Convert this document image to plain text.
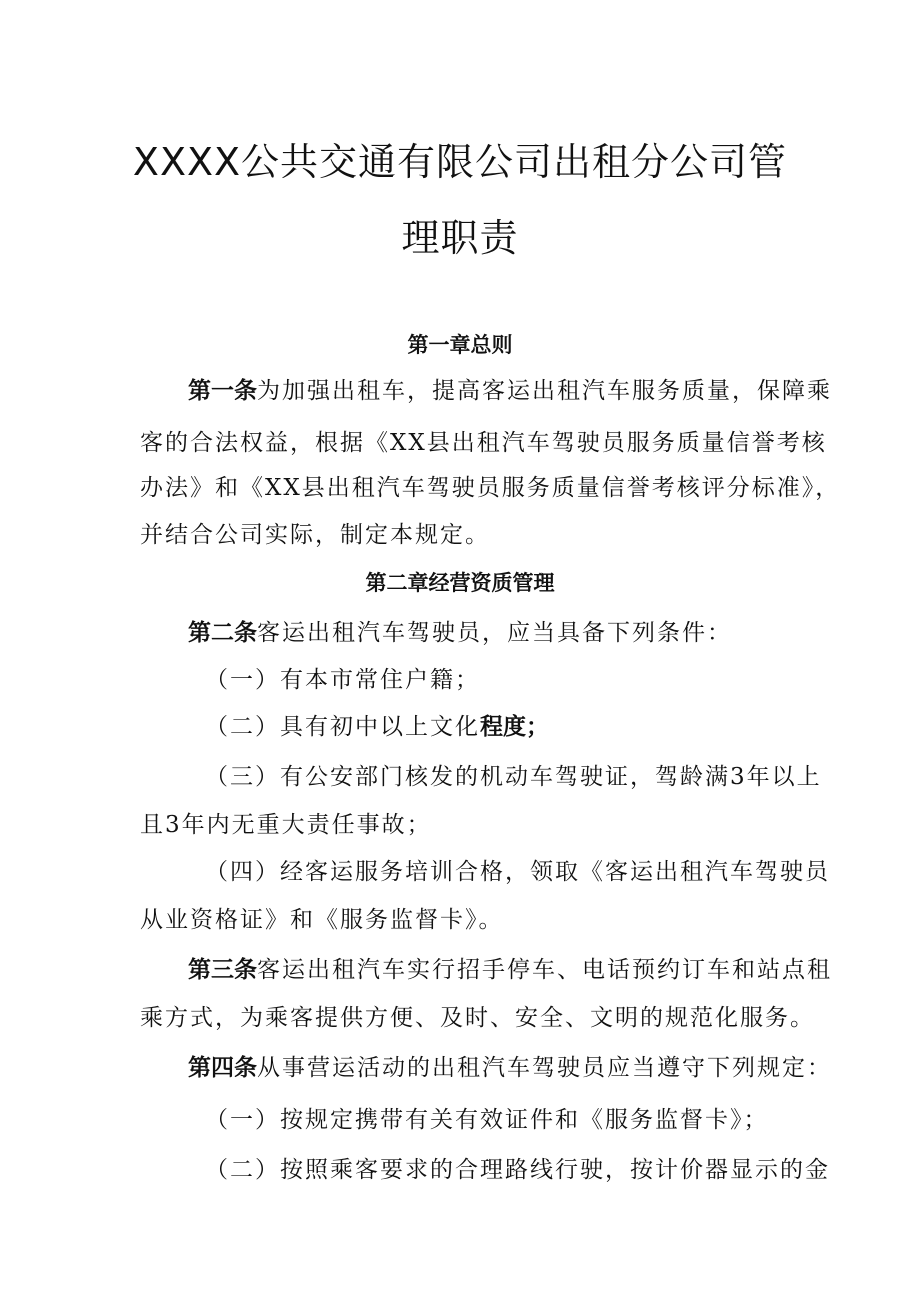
XXXX公共交通有限公司出租分公司管
理职责
第一章总则
第一条为加强出租车，提高客运出租汽车服务质量，保障乘
客的合法权益，根据《XX县出租汽车驾驶员服务质量信誉考核
办法》和《XX县出租汽车驾驶员服务质量信誉考核评分标准》，
并结合公司实际，制定本规定。
第二章经营资质管理
第二条客运出租汽车驾驶员，应当具备下列条件：
（一）有本市常住户籍；
（二）具有初中以上文化程度；
（三）有公安部门核发的机动车驾驶证，驾龄满3年以上
且3年内无重大责任事故；
（四）经客运服务培训合格，领取《客运出租汽车驾驶员
从业资格证》和《服务监督卡》。
第三条客运出租汽车实行招手停车、电话预约订车和站点租
乘方式，为乘客提供方便、及时、安全、文明的规范化服务。
第四条从事营运活动的出租汽车驾驶员应当遵守下列规定：
（一）按规定携带有关有效证件和《服务监督卡》；
（二）按照乘客要求的合理路线行驶，按计价器显示的金
